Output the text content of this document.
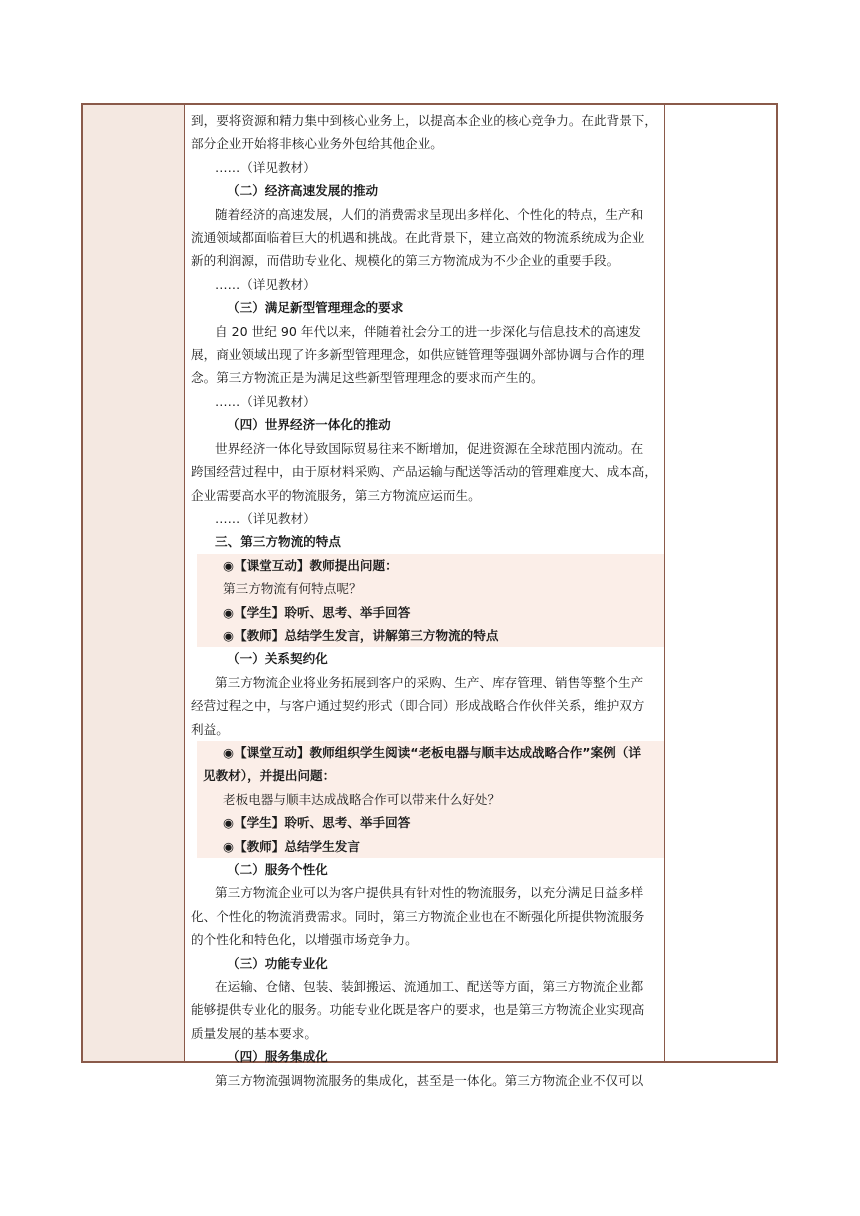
到，要将资源和精力集中到核心业务上，以提高本企业的核心竞争力。在此背景下，

部分企业开始将非核心业务外包给其他企业。

……（详见教材）

（二）经济高速发展的推动

随着经济的高速发展，人们的消费需求呈现出多样化、个性化的特点，生产和

流通领域都面临着巨大的机遇和挑战。在此背景下，建立高效的物流系统成为企业

新的利润源，而借助专业化、规模化的第三方物流成为不少企业的重要手段。

……（详见教材）

（三）满足新型管理理念的要求

自 20 世纪 90 年代以来，伴随着社会分工的进一步深化与信息技术的高速发

展，商业领域出现了许多新型管理理念，如供应链管理等强调外部协调与合作的理

念。第三方物流正是为满足这些新型管理理念的要求而产生的。

……（详见教材）

（四）世界经济一体化的推动

世界经济一体化导致国际贸易往来不断增加，促进资源在全球范围内流动。在

跨国经营过程中，由于原材料采购、产品运输与配送等活动的管理难度大、成本高，

企业需要高水平的物流服务，第三方物流应运而生。

……（详见教材）

三、第三方物流的特点

◉【课堂互动】教师提出问题：

第三方物流有何特点呢？

◉【学生】聆听、思考、举手回答

◉【教师】总结学生发言，讲解第三方物流的特点

（一）关系契约化

第三方物流企业将业务拓展到客户的采购、生产、库存管理、销售等整个生产

经营过程之中，与客户通过契约形式（即合同）形成战略合作伙伴关系，维护双方

利益。

◉【课堂互动】教师组织学生阅读“老板电器与顺丰达成战略合作”案例（详

见教材），并提出问题：

老板电器与顺丰达成战略合作可以带来什么好处？

◉【学生】聆听、思考、举手回答

◉【教师】总结学生发言

（二）服务个性化

第三方物流企业可以为客户提供具有针对性的物流服务，以充分满足日益多样

化、个性化的物流消费需求。同时，第三方物流企业也在不断强化所提供物流服务

的个性化和特色化，以增强市场竞争力。

（三）功能专业化

在运输、仓储、包装、装卸搬运、流通加工、配送等方面，第三方物流企业都

能够提供专业化的服务。功能专业化既是客户的要求，也是第三方物流企业实现高

质量发展的基本要求。

（四）服务集成化

第三方物流强调物流服务的集成化，甚至是一体化。第三方物流企业不仅可以
